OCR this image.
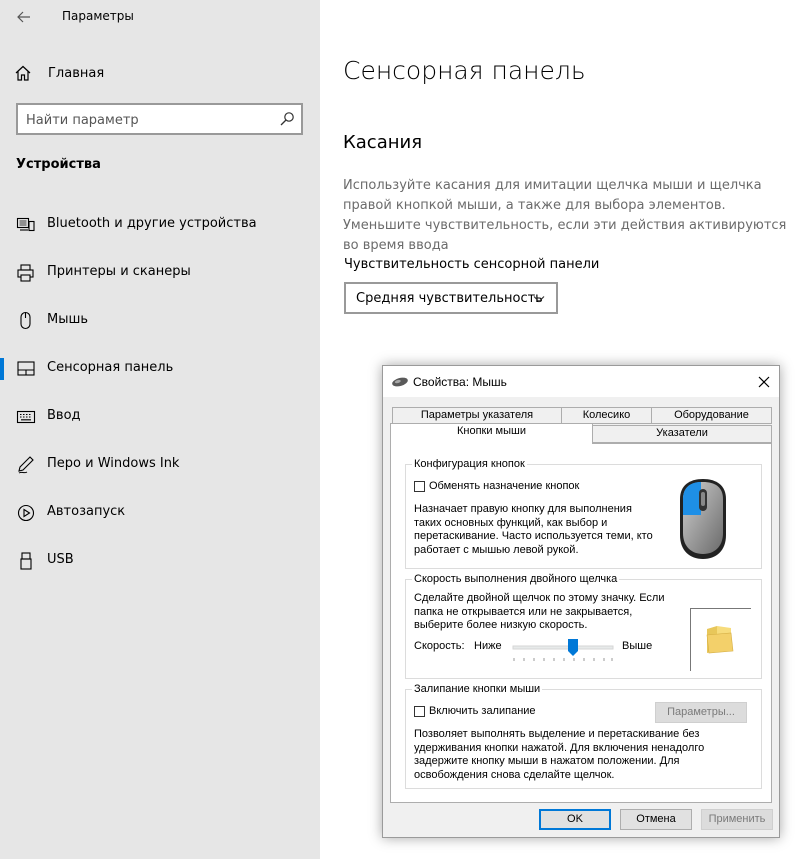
Параметры
Главная
Найти параметр
Устройства
Bluetooth и другие устройства
Принтеры и сканеры
Мышь
Сенсорная панель
Ввод
Перо и Windows Ink
Автозапуск
USB
Сенсорная панель
Касания
Используйте касания для имитации щелчка мыши и щелчка правой кнопкой мыши, а также для выбора элементов. Уменьшите чувствительность, если эти действия активируются во время ввода
Чувствительность сенсорной панели
Средняя чувствительность
Свойства: Мышь
Параметры указателя	Колесико	Оборудование
Кнопки мыши	Указатели
Конфигурация кнопок
Обменять назначение кнопок
Назначает правую кнопку для выполнения таких основных функций, как выбор и перетаскивание. Часто используется теми, кто работает с мышью левой рукой.
Скорость выполнения двойного щелчка
Сделайте двойной щелчок по этому значку. Если папка не открывается или не закрывается, выберите более низкую скорость.
Скорость: Ниже	Выше
Залипание кнопки мыши
Включить залипание	Параметры...
Позволяет выполнять выделение и перетаскивание без удерживания кнопки нажатой. Для включения ненадолго задержите кнопку мыши в нажатом положении. Для освобождения снова сделайте щелчок.
OK	Отмена	Применить
